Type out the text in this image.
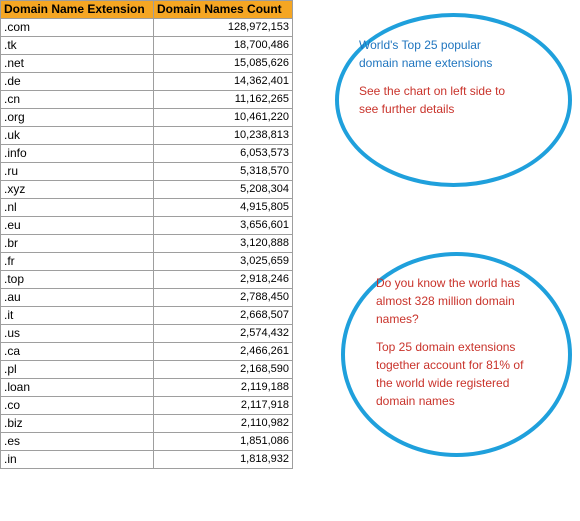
Domain Name Extension	Domain Names Count
.com	128,972,153
.tk	18,700,486
.net	15,085,626
.de	14,362,401
.cn	11,162,265
.org	10,461,220
.uk	10,238,813
.info	6,053,573
.ru	5,318,570
.xyz	5,208,304
.nl	4,915,805
.eu	3,656,601
.br	3,120,888
.fr	3,025,659
.top	2,918,246
.au	2,788,450
.it	2,668,507
.us	2,574,432
.ca	2,466,261
.pl	2,168,590
.loan	2,119,188
.co	2,117,918
.biz	2,110,982
.es	1,851,086
.in	1,818,932
World's Top 25 popular
domain name extensions
See the chart on left side to
see further details
Do you know the world has
almost 328 million domain
names?
Top 25 domain extensions
together account for 81% of
the world wide registered
domain names
